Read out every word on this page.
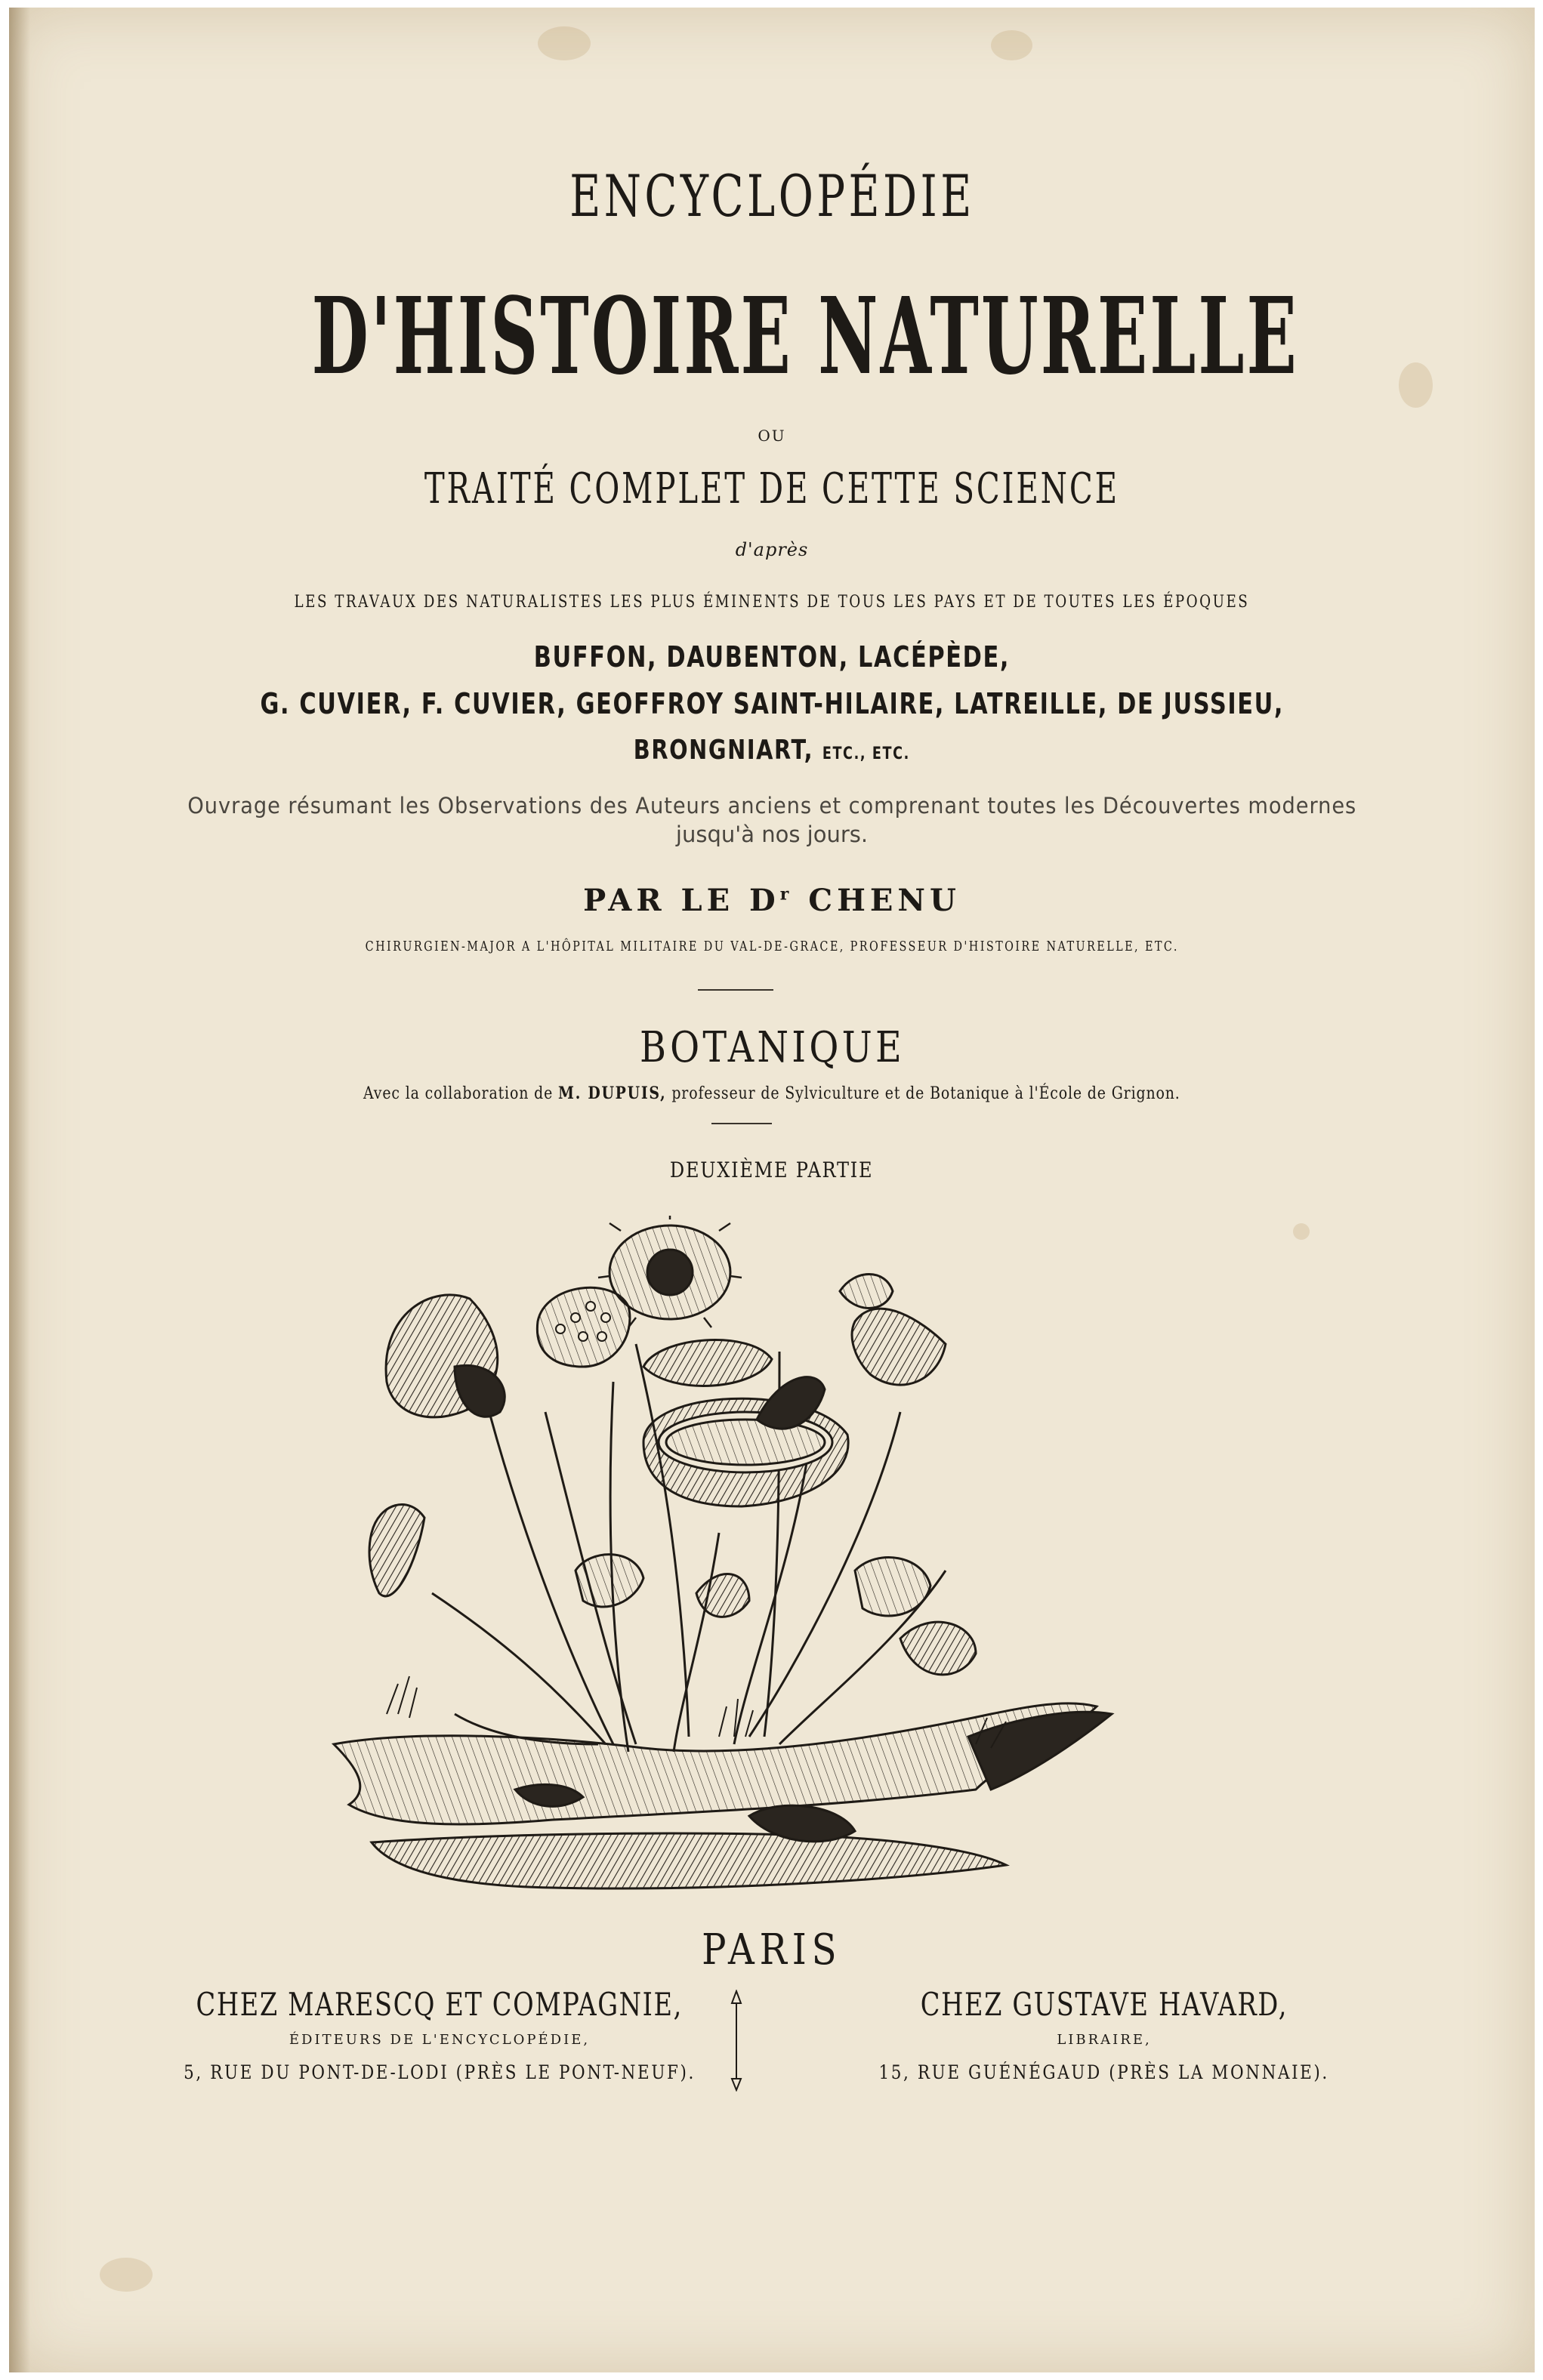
ENCYCLOPÉDIE
D'HISTOIRE NATURELLE
OU
TRAITÉ COMPLET DE CETTE SCIENCE
d'après
LES TRAVAUX DES NATURALISTES LES PLUS ÉMINENTS DE TOUS LES PAYS ET DE TOUTES LES ÉPOQUES
BUFFON, DAUBENTON, LACÉPÈDE,
G. CUVIER, F. CUVIER, GEOFFROY SAINT-HILAIRE, LATREILLE, DE JUSSIEU,
BRONGNIART, ETC., ETC.
Ouvrage résumant les Observations des Auteurs anciens et comprenant toutes les Découvertes modernes
jusqu'à nos jours.
PAR LE $D^r$ CHENU
CHIRURGIEN-MAJOR A L'HÔPITAL MILITAIRE DU VAL-DE-GRACE, PROFESSEUR D'HISTOIRE NATURELLE, ETC.
BOTANIQUE
Avec la collaboration de M. DUPUIS, professeur de Sylviculture et de Botanique à l'École de Grignon.
DEUXIÈME PARTIE
PARIS
CHEZ MARESCQ ET COMPAGNIE,
ÉDITEURS DE L'ENCYCLOPÉDIE,
5, RUE DU PONT-DE-LODI (PRÈS LE PONT-NEUF).
CHEZ GUSTAVE HAVARD,
LIBRAIRE,
15, RUE GUÉNÉGAUD (PRÈS LA MONNAIE).
